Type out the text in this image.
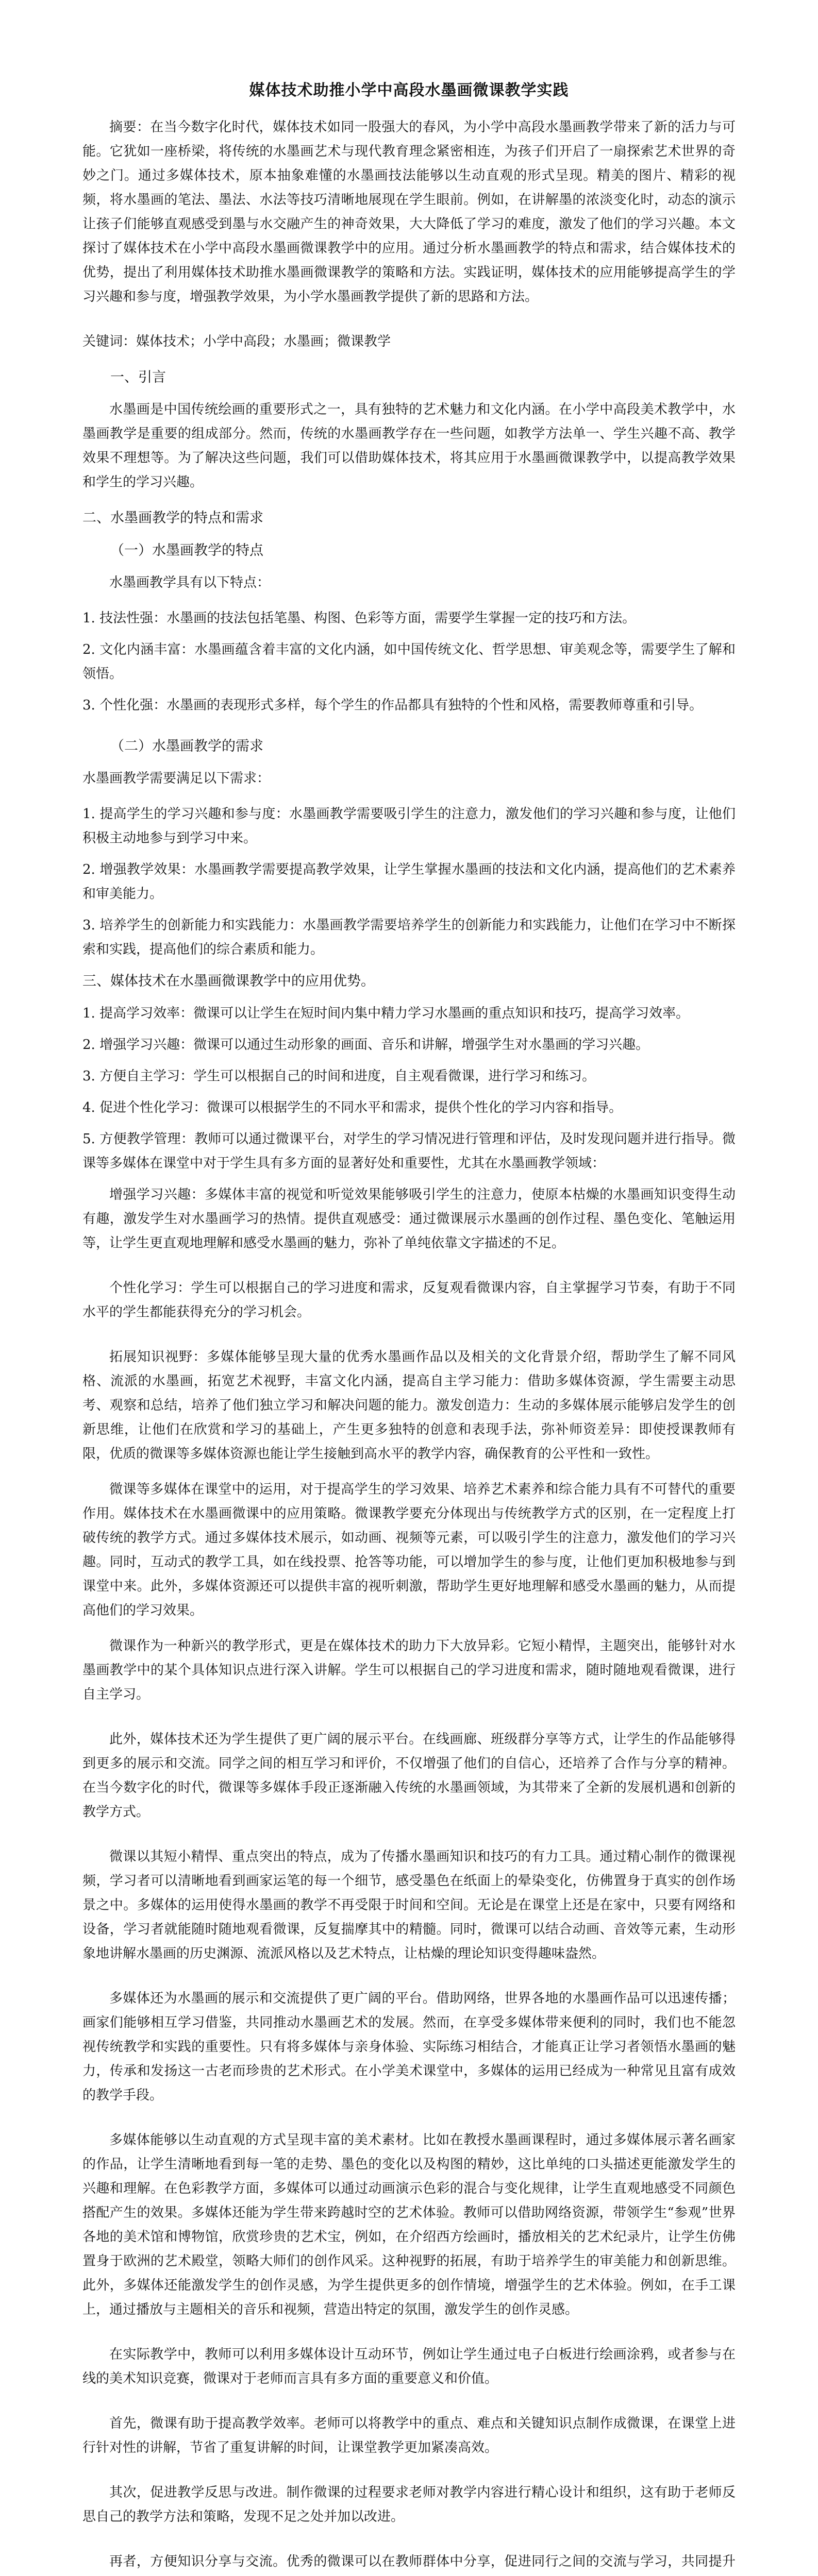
媒体技术助推小学中高段水墨画微课教学实践
摘要：在当今数字化时代，媒体技术如同一股强大的春风，为小学中高段水墨画教学带来了新的活力与可能。它犹如一座桥梁，将传统的水墨画艺术与现代教育理念紧密相连，为孩子们开启了一扇探索艺术世界的奇妙之门。通过多媒体技术，原本抽象难懂的水墨画技法能够以生动直观的形式呈现。精美的图片、精彩的视频，将水墨画的笔法、墨法、水法等技巧清晰地展现在学生眼前。例如，在讲解墨的浓淡变化时，动态的演示让孩子们能够直观感受到墨与水交融产生的神奇效果，大大降低了学习的难度，激发了他们的学习兴趣。本文探讨了媒体技术在小学中高段水墨画微课教学中的应用。通过分析水墨画教学的特点和需求，结合媒体技术的优势，提出了利用媒体技术助推水墨画微课教学的策略和方法。实践证明，媒体技术的应用能够提高学生的学习兴趣和参与度，增强教学效果，为小学水墨画教学提供了新的思路和方法。
关键词：媒体技术；小学中高段；水墨画；微课教学
一、引言
水墨画是中国传统绘画的重要形式之一，具有独特的艺术魅力和文化内涵。在小学中高段美术教学中，水墨画教学是重要的组成部分。然而，传统的水墨画教学存在一些问题，如教学方法单一、学生兴趣不高、教学效果不理想等。为了解决这些问题，我们可以借助媒体技术，将其应用于水墨画微课教学中，以提高教学效果和学生的学习兴趣。
二、水墨画教学的特点和需求
（一）水墨画教学的特点
水墨画教学具有以下特点：
1. 技法性强：水墨画的技法包括笔墨、构图、色彩等方面，需要学生掌握一定的技巧和方法。
2. 文化内涵丰富：水墨画蕴含着丰富的文化内涵，如中国传统文化、哲学思想、审美观念等，需要学生了解和领悟。
3. 个性化强：水墨画的表现形式多样，每个学生的作品都具有独特的个性和风格，需要教师尊重和引导。
（二）水墨画教学的需求
水墨画教学需要满足以下需求：
1. 提高学生的学习兴趣和参与度：水墨画教学需要吸引学生的注意力，激发他们的学习兴趣和参与度，让他们积极主动地参与到学习中来。
2. 增强教学效果：水墨画教学需要提高教学效果，让学生掌握水墨画的技法和文化内涵，提高他们的艺术素养和审美能力。
3. 培养学生的创新能力和实践能力：水墨画教学需要培养学生的创新能力和实践能力，让他们在学习中不断探索和实践，提高他们的综合素质和能力。
三、媒体技术在水墨画微课教学中的应用优势。
1. 提高学习效率：微课可以让学生在短时间内集中精力学习水墨画的重点知识和技巧，提高学习效率。
2. 增强学习兴趣：微课可以通过生动形象的画面、音乐和讲解，增强学生对水墨画的学习兴趣。
3. 方便自主学习：学生可以根据自己的时间和进度，自主观看微课，进行学习和练习。
4. 促进个性化学习：微课可以根据学生的不同水平和需求，提供个性化的学习内容和指导。
5. 方便教学管理：教师可以通过微课平台，对学生的学习情况进行管理和评估，及时发现问题并进行指导。微课等多媒体在课堂中对于学生具有多方面的显著好处和重要性，尤其在水墨画教学领域：
增强学习兴趣：多媒体丰富的视觉和听觉效果能够吸引学生的注意力，使原本枯燥的水墨画知识变得生动有趣，激发学生对水墨画学习的热情。提供直观感受：通过微课展示水墨画的创作过程、墨色变化、笔触运用等，让学生更直观地理解和感受水墨画的魅力，弥补了单纯依靠文字描述的不足。
个性化学习：学生可以根据自己的学习进度和需求，反复观看微课内容，自主掌握学习节奏，有助于不同水平的学生都能获得充分的学习机会。
拓展知识视野：多媒体能够呈现大量的优秀水墨画作品以及相关的文化背景介绍，帮助学生了解不同风格、流派的水墨画，拓宽艺术视野，丰富文化内涵，提高自主学习能力：借助多媒体资源，学生需要主动思考、观察和总结，培养了他们独立学习和解决问题的能力。激发创造力：生动的多媒体展示能够启发学生的创新思维，让他们在欣赏和学习的基础上，产生更多独特的创意和表现手法，弥补师资差异：即使授课教师有限，优质的微课等多媒体资源也能让学生接触到高水平的教学内容，确保教育的公平性和一致性。
微课等多媒体在课堂中的运用，对于提高学生的学习效果、培养艺术素养和综合能力具有不可替代的重要作用。媒体技术在水墨画微课中的应用策略。微课教学要充分体现出与传统教学方式的区别，在一定程度上打破传统的教学方式。通过多媒体技术展示，如动画、视频等元素，可以吸引学生的注意力，激发他们的学习兴趣。同时，互动式的教学工具，如在线投票、抢答等功能，可以增加学生的参与度，让他们更加积极地参与到课堂中来。此外，多媒体资源还可以提供丰富的视听刺激，帮助学生更好地理解和感受水墨画的魅力，从而提高他们的学习效果。
微课作为一种新兴的教学形式，更是在媒体技术的助力下大放异彩。它短小精悍，主题突出，能够针对水墨画教学中的某个具体知识点进行深入讲解。学生可以根据自己的学习进度和需求，随时随地观看微课，进行自主学习。
此外，媒体技术还为学生提供了更广阔的展示平台。在线画廊、班级群分享等方式，让学生的作品能够得到更多的展示和交流。同学之间的相互学习和评价，不仅增强了他们的自信心，还培养了合作与分享的精神。在当今数字化的时代，微课等多媒体手段正逐渐融入传统的水墨画领域，为其带来了全新的发展机遇和创新的教学方式。
微课以其短小精悍、重点突出的特点，成为了传播水墨画知识和技巧的有力工具。通过精心制作的微课视频，学习者可以清晰地看到画家运笔的每一个细节，感受墨色在纸面上的晕染变化，仿佛置身于真实的创作场景之中。多媒体的运用使得水墨画的教学不再受限于时间和空间。无论是在课堂上还是在家中，只要有网络和设备，学习者就能随时随地观看微课，反复揣摩其中的精髓。同时，微课可以结合动画、音效等元素，生动形象地讲解水墨画的历史渊源、流派风格以及艺术特点，让枯燥的理论知识变得趣味盎然。
多媒体还为水墨画的展示和交流提供了更广阔的平台。借助网络，世界各地的水墨画作品可以迅速传播；画家们能够相互学习借鉴，共同推动水墨画艺术的发展。然而，在享受多媒体带来便利的同时，我们也不能忽视传统教学和实践的重要性。只有将多媒体与亲身体验、实际练习相结合，才能真正让学习者领悟水墨画的魅力，传承和发扬这一古老而珍贵的艺术形式。在小学美术课堂中，多媒体的运用已经成为一种常见且富有成效的教学手段。
多媒体能够以生动直观的方式呈现丰富的美术素材。比如在教授水墨画课程时，通过多媒体展示著名画家的作品，让学生清晰地看到每一笔的走势、墨色的变化以及构图的精妙，这比单纯的口头描述更能激发学生的兴趣和理解。在色彩教学方面，多媒体可以通过动画演示色彩的混合与变化规律，让学生直观地感受不同颜色搭配产生的效果。多媒体还能为学生带来跨越时空的艺术体验。教师可以借助网络资源，带领学生“参观”世界各地的美术馆和博物馆，欣赏珍贵的艺术宝，例如，在介绍西方绘画时，播放相关的艺术纪录片，让学生仿佛置身于欧洲的艺术殿堂，领略大师们的创作风采。这种视野的拓展，有助于培养学生的审美能力和创新思维。此外，多媒体还能激发学生的创作灵感，为学生提供更多的创作情境，增强学生的艺术体验。例如，在手工课上，通过播放与主题相关的音乐和视频，营造出特定的氛围，激发学生的创作灵感。
在实际教学中，教师可以利用多媒体设计互动环节，例如让学生通过电子白板进行绘画涂鸦，或者参与在线的美术知识竞赛，微课对于老师而言具有多方面的重要意义和价值。
首先，微课有助于提高教学效率。老师可以将教学中的重点、难点和关键知识点制作成微课，在课堂上进行针对性的讲解，节省了重复讲解的时间，让课堂教学更加紧凑高效。
其次，促进教学反思与改进。制作微课的过程要求老师对教学内容进行精心设计和组织，这有助于老师反思自己的教学方法和策略，发现不足之处并加以改进。
再者，方便知识分享与交流。优秀的微课可以在教师群体中分享，促进同行之间的交流与学习，共同提升
